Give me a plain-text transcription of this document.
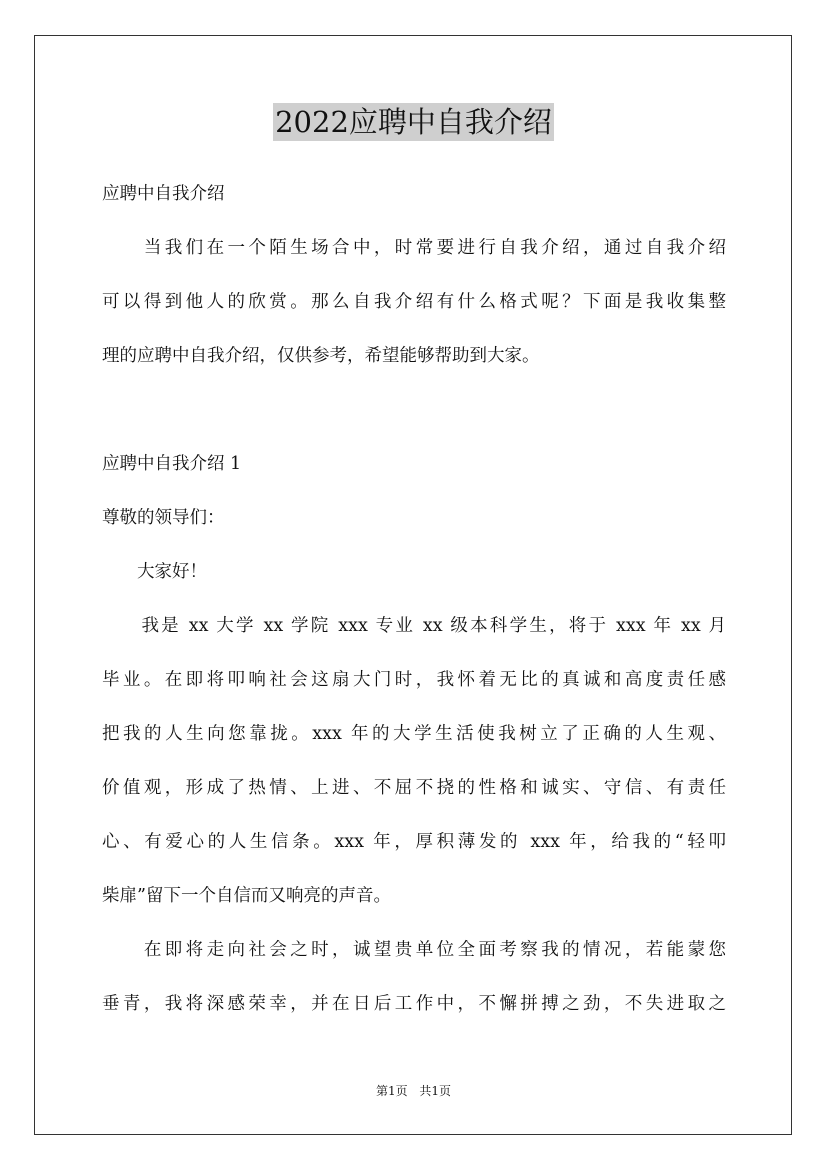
2022应聘中自我介绍
应聘中自我介绍
　　当我们在一个陌生场合中，时常要进行自我介绍，通过自我介绍
可以得到他人的欣赏。那么自我介绍有什么格式呢？下面是我收集整
理的应聘中自我介绍，仅供参考，希望能够帮助到大家。
应聘中自我介绍 1
尊敬的领导们：
　　大家好！
　　我是 xx 大学 xx 学院 xxx 专业 xx 级本科学生，将于 xxx 年 xx 月
毕业。在即将叩响社会这扇大门时，我怀着无比的真诚和高度责任感
把我的人生向您靠拢。xxx 年的大学生活使我树立了正确的人生观、
价值观，形成了热情、上进、不屈不挠的性格和诚实、守信、有责任
心、有爱心的人生信条。xxx 年，厚积薄发的 xxx 年，给我的“轻叩
柴扉”留下一个自信而又响亮的声音。
　　在即将走向社会之时，诚望贵单位全面考察我的情况，若能蒙您
垂青，我将深感荣幸，并在日后工作中，不懈拼搏之劲，不失进取之
第1页 共1页
